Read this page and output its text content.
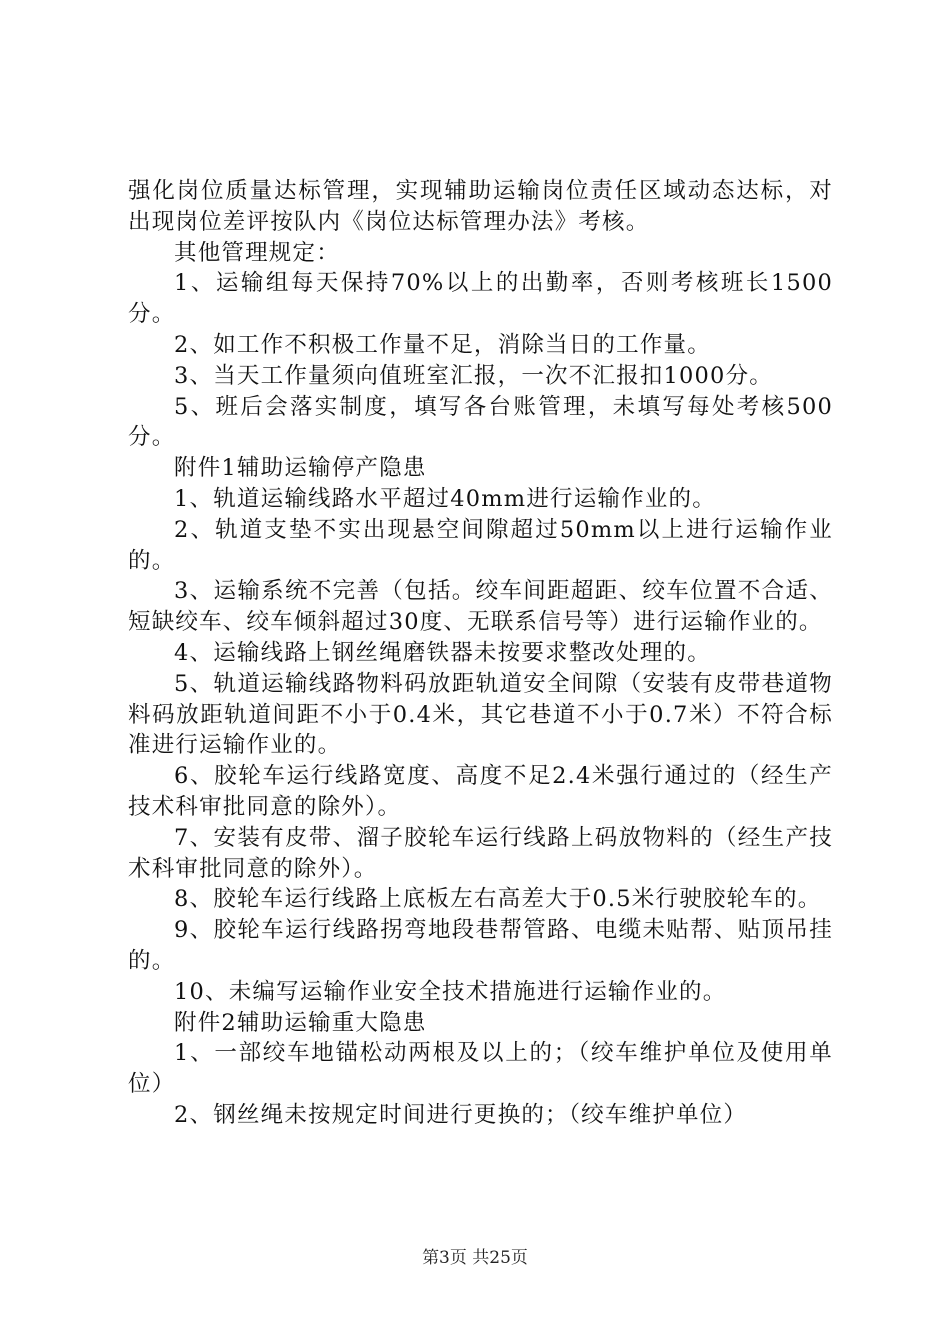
强化岗位质量达标管理，实现辅助运输岗位责任区域动态达标，对出现岗位差评按队内《岗位达标管理办法》考核。

其他管理规定：

1、运输组每天保持70%以上的出勤率，否则考核班长1500分。

2、如工作不积极工作量不足，消除当日的工作量。

3、当天工作量须向值班室汇报，一次不汇报扣1000分。

5、班后会落实制度，填写各台账管理，未填写每处考核500分。

附件1辅助运输停产隐患

1、轨道运输线路水平超过40mm进行运输作业的。

2、轨道支垫不实出现悬空间隙超过50mm以上进行运输作业的。

3、运输系统不完善（包括。绞车间距超距、绞车位置不合适、短缺绞车、绞车倾斜超过30度、无联系信号等）进行运输作业的。

4、运输线路上钢丝绳磨铁器未按要求整改处理的。

5、轨道运输线路物料码放距轨道安全间隙（安装有皮带巷道物料码放距轨道间距不小于0.4米，其它巷道不小于0.7米）不符合标准进行运输作业的。

6、胶轮车运行线路宽度、高度不足2.4米强行通过的（经生产技术科审批同意的除外）。

7、安装有皮带、溜子胶轮车运行线路上码放物料的（经生产技术科审批同意的除外）。

8、胶轮车运行线路上底板左右高差大于0.5米行驶胶轮车的。

9、胶轮车运行线路拐弯地段巷帮管路、电缆未贴帮、贴顶吊挂的。

10、未编写运输作业安全技术措施进行运输作业的。

附件2辅助运输重大隐患

1、一部绞车地锚松动两根及以上的；（绞车维护单位及使用单位）

2、钢丝绳未按规定时间进行更换的；（绞车维护单位）

第3页 共25页
